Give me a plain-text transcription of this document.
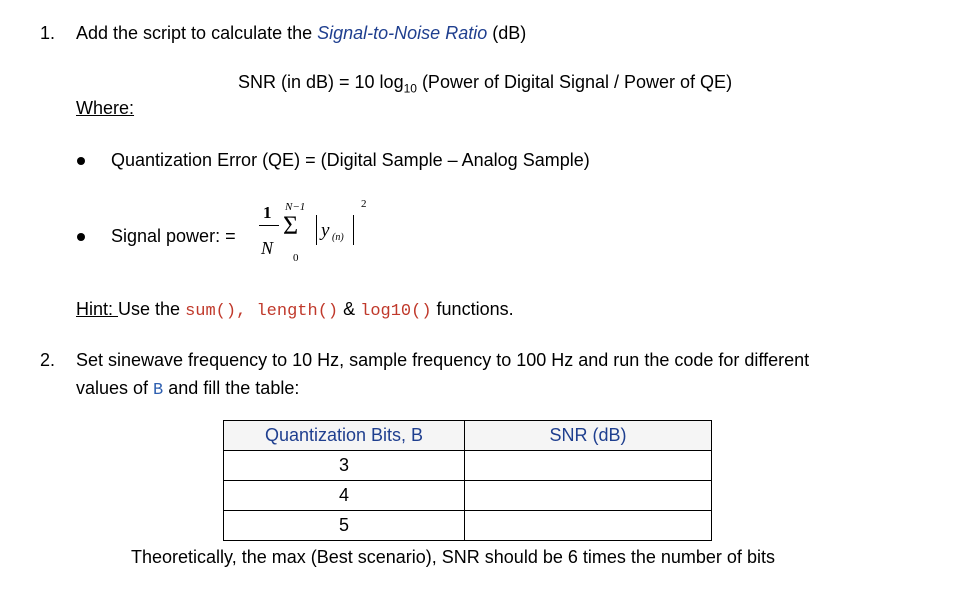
1. Add the script to calculate the Signal-to-Noise Ratio (dB)
SNR (in dB) = 10 $\log_{10}$ (Power of Digital Signal / Power of QE)
Where:
Quantization Error (QE) = (Digital Sample – Analog Sample)
Signal power: =
1
N
N−1
Σ
0
y (n)
2
Hint: Use the sum(), length() & log10() functions.
2. Set sinewave frequency to 10 Hz, sample frequency to 100 Hz and run the code for different
values of B and fill the table:
Quantization Bits, B	SNR (dB)
3	
4	
5	
Theoretically, the max (Best scenario), SNR should be 6 times the number of bits
